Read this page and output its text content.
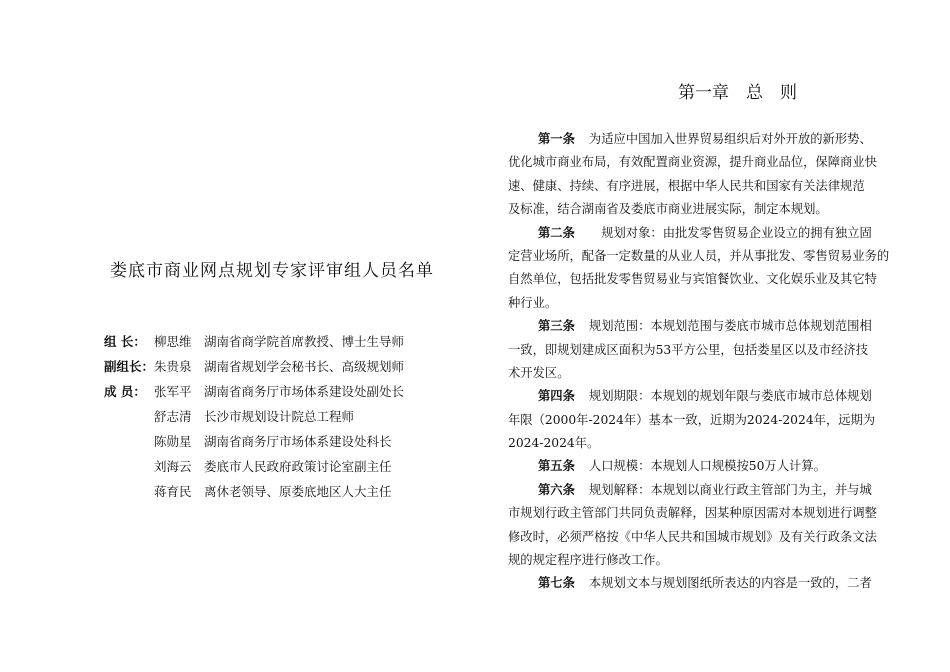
娄底市商业网点规划专家评审组人员名单
组 长： 柳思维 湖南省商学院首席教授、博士生导师
副组长： 朱贵泉 湖南省规划学会秘书长、高级规划师
成 员： 张军平 湖南省商务厅市场体系建设处副处长
舒志清 长沙市规划设计院总工程师
陈勋星 湖南省商务厅市场体系建设处科长
刘海云 娄底市人民政府政策讨论室副主任
蒋育民 离休老领导、原娄底地区人大主任
第一章　总　则
第一条 为适应中国加入世界贸易组织后对外开放的新形势、
优化城市商业布局，有效配置商业资源，提升商业品位，保障商业快
速、健康、持续、有序进展，根据中华人民共和国家有关法律规范
及标准，结合湖南省及娄底市商业进展实际，制定本规划。
第二条　规划对象：由批发零售贸易企业设立的拥有独立固
定营业场所，配备一定数量的从业人员，并从事批发、零售贸易业务的
自然单位，包括批发零售贸易业与宾馆餐饮业、文化娱乐业及其它特
种行业。
第三条 规划范围：本规划范围与娄底市城市总体规划范围相
一致，即规划建成区面积为53平方公里，包括娄星区以及市经济技
术开发区。
第四条 规划期限：本规划的规划年限与娄底市城市总体规划
年限（2000年-2024年）基本一致，近期为2024-2024年，远期为
2024-2024年。
第五条 人口规模：本规划人口规模按50万人计算。
第六条 规划解释：本规划以商业行政主管部门为主，并与城
市规划行政主管部门共同负责解释，因某种原因需对本规划进行调整
修改时，必须严格按《中华人民共和国城市规划》及有关行政条文法
规的规定程序进行修改工作。
第七条 本规划文本与规划图纸所表达的内容是一致的，二者
